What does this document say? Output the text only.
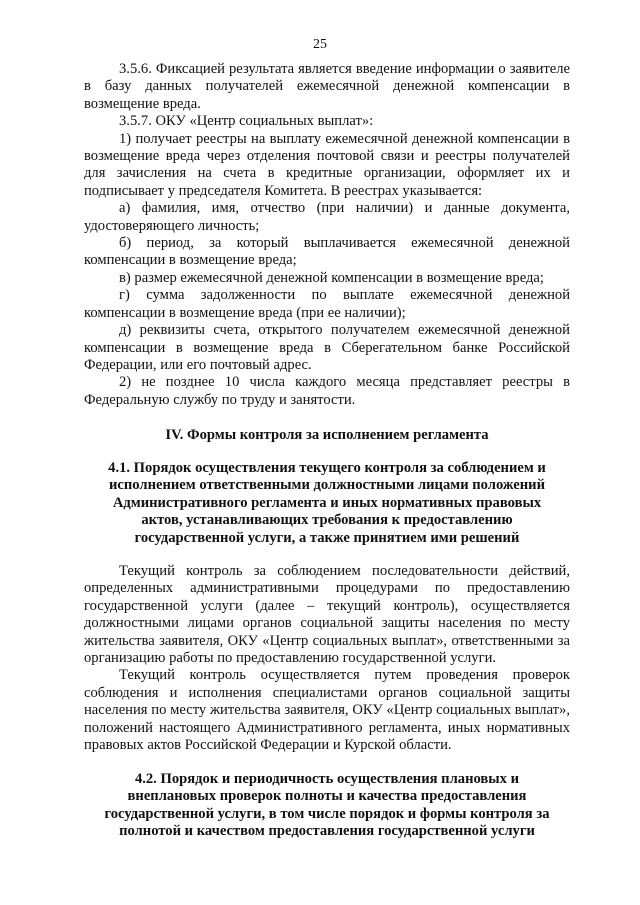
25

3.5.6. Фиксацией результата является введение информации о заявителе в базу данных получателей ежемесячной денежной компенсации в возмещение вреда.

3.5.7. ОКУ «Центр социальных выплат»:

1) получает реестры на выплату ежемесячной денежной компенсации в возмещение вреда через отделения почтовой связи и реестры получателей для зачисления на счета в кредитные организации, оформляет их и подписывает у председателя Комитета. В реестрах указывается:

а) фамилия, имя, отчество (при наличии) и данные документа, удостоверяющего личность;

б) период, за который выплачивается ежемесячной денежной компенсации в возмещение вреда;

в) размер ежемесячной денежной компенсации в возмещение вреда;

г) сумма задолженности по выплате ежемесячной денежной компенсации в возмещение вреда (при ее наличии);

д) реквизиты счета, открытого получателем ежемесячной денежной компенсации в возмещение вреда в Сберегательном банке Российской Федерации, или его почтовый адрес.

2) не позднее 10 числа каждого месяца представляет реестры в Федеральную службу по труду и занятости.

IV. Формы контроля за исполнением регламента

4.1. Порядок осуществления текущего контроля за соблюдением и исполнением ответственными должностными лицами положений Административного регламента и иных нормативных правовых актов, устанавливающих требования к предоставлению государственной услуги, а также принятием ими решений

Текущий контроль за соблюдением последовательности действий, определенных административными процедурами по предоставлению государственной услуги (далее – текущий контроль), осуществляется должностными лицами органов социальной защиты населения по месту жительства заявителя, ОКУ «Центр социальных выплат», ответственными за организацию работы по предоставлению государственной услуги.

Текущий контроль осуществляется путем проведения проверок соблюдения и исполнения специалистами органов социальной защиты населения по месту жительства заявителя, ОКУ «Центр социальных выплат», положений настоящего Административного регламента, иных нормативных правовых актов Российской Федерации и Курской области.

4.2. Порядок и периодичность осуществления плановых и внеплановых проверок полноты и качества предоставления государственной услуги, в том числе порядок и формы контроля за полнотой и качеством предоставления государственной услуги
